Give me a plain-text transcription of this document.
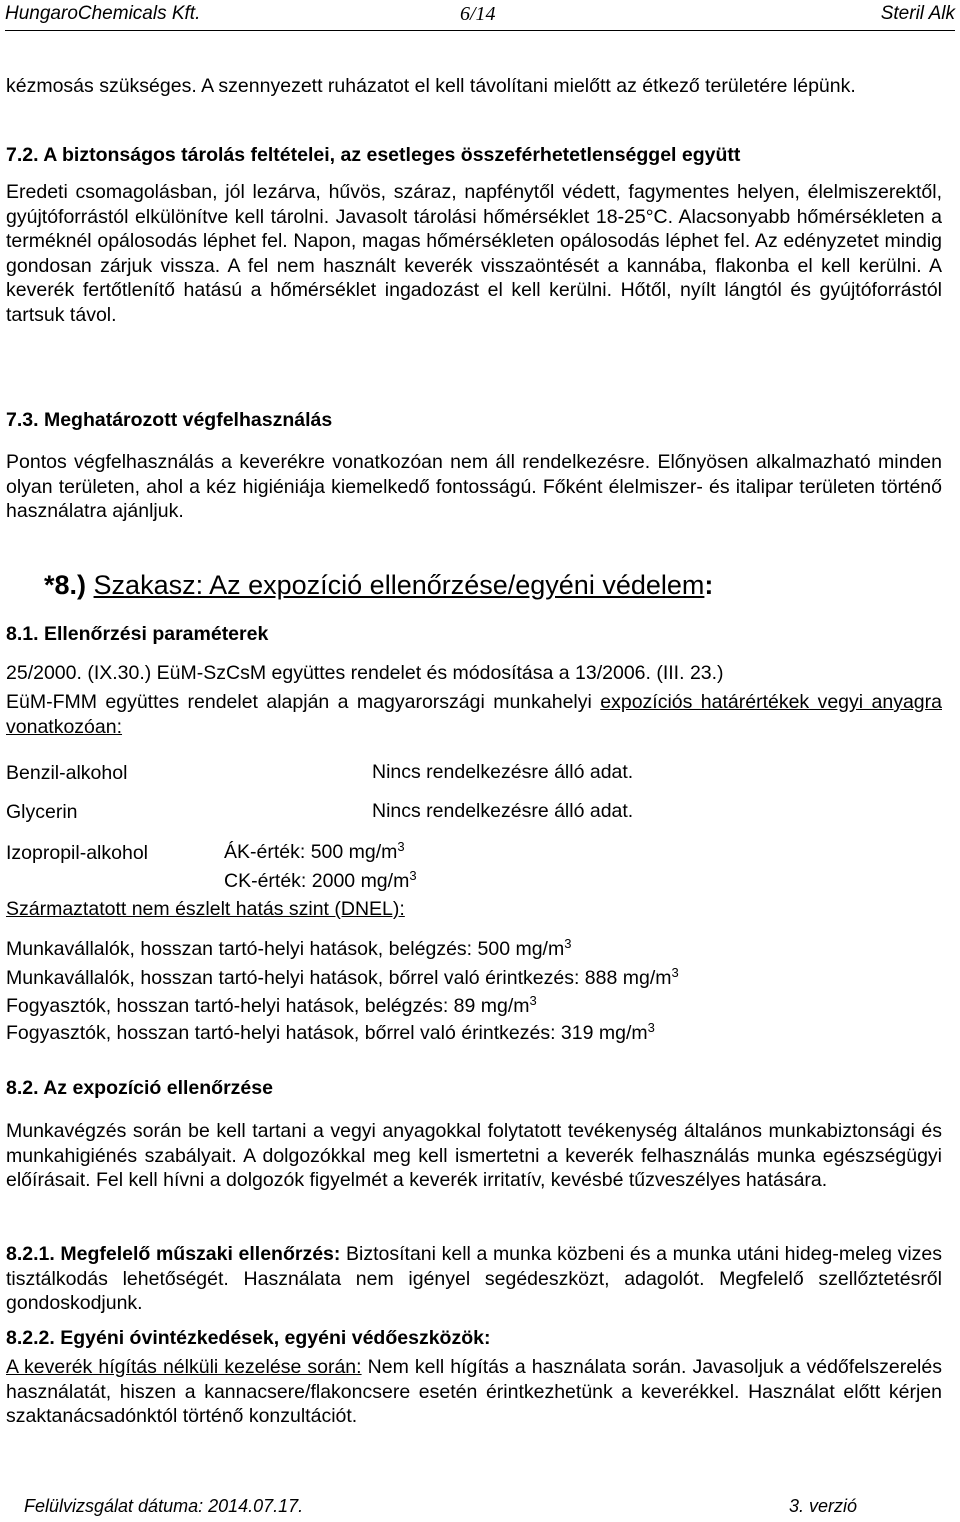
HungaroChemicals Kft.	6/14	Steril Alk
kézmosás szükséges. A szennyezett ruházatot el kell távolítani mielőtt az étkező területére lépünk.
7.2. A biztonságos tárolás feltételei, az esetleges összeférhetetlenséggel együtt
Eredeti csomagolásban, jól lezárva, hűvös, száraz, napfénytől védett, fagymentes helyen, élelmiszerektől, gyújtóforrástól elkülönítve kell tárolni. Javasolt tárolási hőmérséklet 18-25°C. Alacsonyabb hőmérsékleten a terméknél opálosodás léphet fel. Napon, magas hőmérsékleten opálosodás léphet fel. Az edényzetet mindig gondosan zárjuk vissza. A fel nem használt keverék visszaöntését a kannába, flakonba el kell kerülni. A keverék fertőtlenítő hatású a hőmérséklet ingadozást el kell kerülni. Hőtől, nyílt lángtól és gyújtóforrástól tartsuk távol.
7.3. Meghatározott végfelhasználás
Pontos végfelhasználás a keverékre vonatkozóan nem áll rendelkezésre. Előnyösen alkalmazható minden olyan területen, ahol a kéz higiéniája kiemelkedő fontosságú. Főként élelmiszer- és italipar területen történő használatra ajánljuk.
*8.) Szakasz: Az expozíció ellenőrzése/egyéni védelem:
8.1. Ellenőrzési paraméterek
25/2000. (IX.30.) EüM-SzCsM együttes rendelet és módosítása a 13/2006. (III. 23.)
EüM-FMM együttes rendelet alapján a magyarországi munkahelyi expozíciós határértékek vegyi anyagra vonatkozóan:
Benzil-alkohol	Nincs rendelkezésre álló adat.
Glycerin	Nincs rendelkezésre álló adat.
Izopropil-alkohol	ÁK-érték: 500 $mg/m^3$
CK-érték: 2000 $mg/m^3$
Származtatott nem észlelt hatás szint (DNEL):
Munkavállalók, hosszan tartó-helyi hatások, belégzés: 500 $mg/m^3$
Munkavállalók, hosszan tartó-helyi hatások, bőrrel való érintkezés: 888 $mg/m^3$
Fogyasztók, hosszan tartó-helyi hatások, belégzés: 89 $mg/m^3$
Fogyasztók, hosszan tartó-helyi hatások, bőrrel való érintkezés: 319 $mg/m^3$
8.2. Az expozíció ellenőrzése
Munkavégzés során be kell tartani a vegyi anyagokkal folytatott tevékenység általános munkabiztonsági és munkahigiénés szabályait. A dolgozókkal meg kell ismertetni a keverék felhasználás munka egészségügyi előírásait. Fel kell hívni a dolgozók figyelmét a keverék irritatív, kevésbé tűzveszélyes hatására.
8.2.1. Megfelelő műszaki ellenőrzés: Biztosítani kell a munka közbeni és a munka utáni hideg-meleg vizes tisztálkodás lehetőségét. Használata nem igényel segédeszközt, adagolót. Megfelelő szellőztetésről gondoskodjunk.
8.2.2. Egyéni óvintézkedések, egyéni védőeszközök:
A keverék hígítás nélküli kezelése során: Nem kell hígítás a használata során. Javasoljuk a védőfelszerelés használatát, hiszen a kannacsere/flakoncsere esetén érintkezhetünk a keverékkel. Használat előtt kérjen szaktanácsadónktól történő konzultációt.
Felülvizsgálat dátuma: 2014.07.17.	3. verzió
